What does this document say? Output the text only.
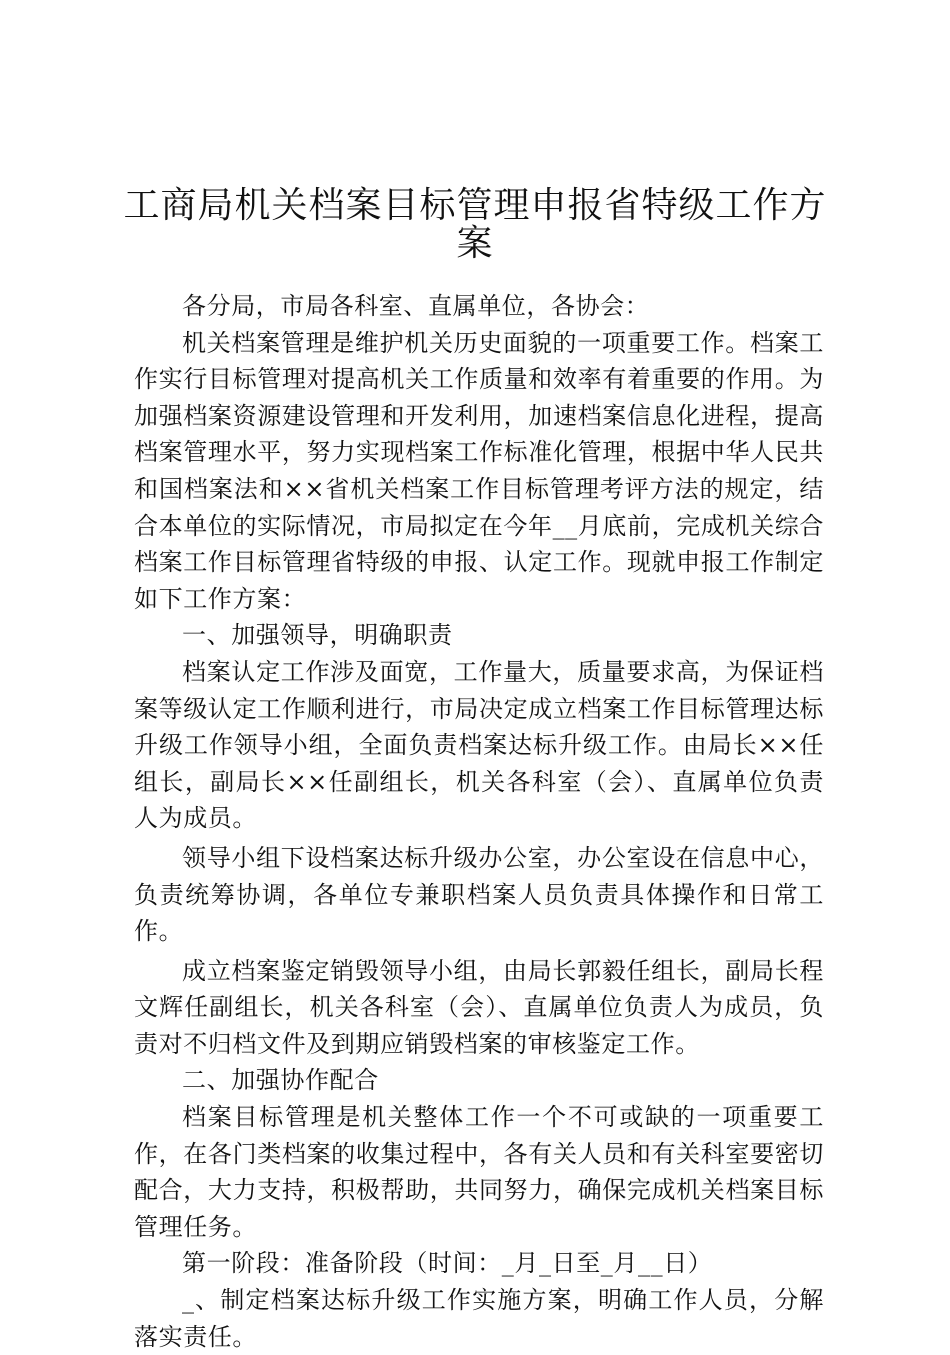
工商局机关档案目标管理申报省特级工作方
案

各分局，市局各科室、直属单位，各协会：

机关档案管理是维护机关历史面貌的一项重要工作。档案工作实行目标管理对提高机关工作质量和效率有着重要的作用。为加强档案资源建设管理和开发利用，加速档案信息化进程，提高档案管理水平，努力实现档案工作标准化管理，根据中华人民共和国档案法和××省机关档案工作目标管理考评方法的规定，结合本单位的实际情况，市局拟定在今年__月底前，完成机关综合档案工作目标管理省特级的申报、认定工作。现就申报工作制定如下工作方案：

一、加强领导，明确职责

档案认定工作涉及面宽，工作量大，质量要求高，为保证档案等级认定工作顺利进行，市局决定成立档案工作目标管理达标升级工作领导小组，全面负责档案达标升级工作。由局长××任组长，副局长××任副组长，机关各科室（会）、直属单位负责人为成员。

领导小组下设档案达标升级办公室，办公室设在信息中心，负责统筹协调，各单位专兼职档案人员负责具体操作和日常工作。

成立档案鉴定销毁领导小组，由局长郭毅任组长，副局长程文辉任副组长，机关各科室（会）、直属单位负责人为成员，负责对不归档文件及到期应销毁档案的审核鉴定工作。

二、加强协作配合

档案目标管理是机关整体工作一个不可或缺的一项重要工作，在各门类档案的收集过程中，各有关人员和有关科室要密切配合，大力支持，积极帮助，共同努力，确保完成机关档案目标管理任务。

第一阶段：准备阶段（时间：_月_日至_月__日）

_、制定档案达标升级工作实施方案，明确工作人员，分解落实责任。
